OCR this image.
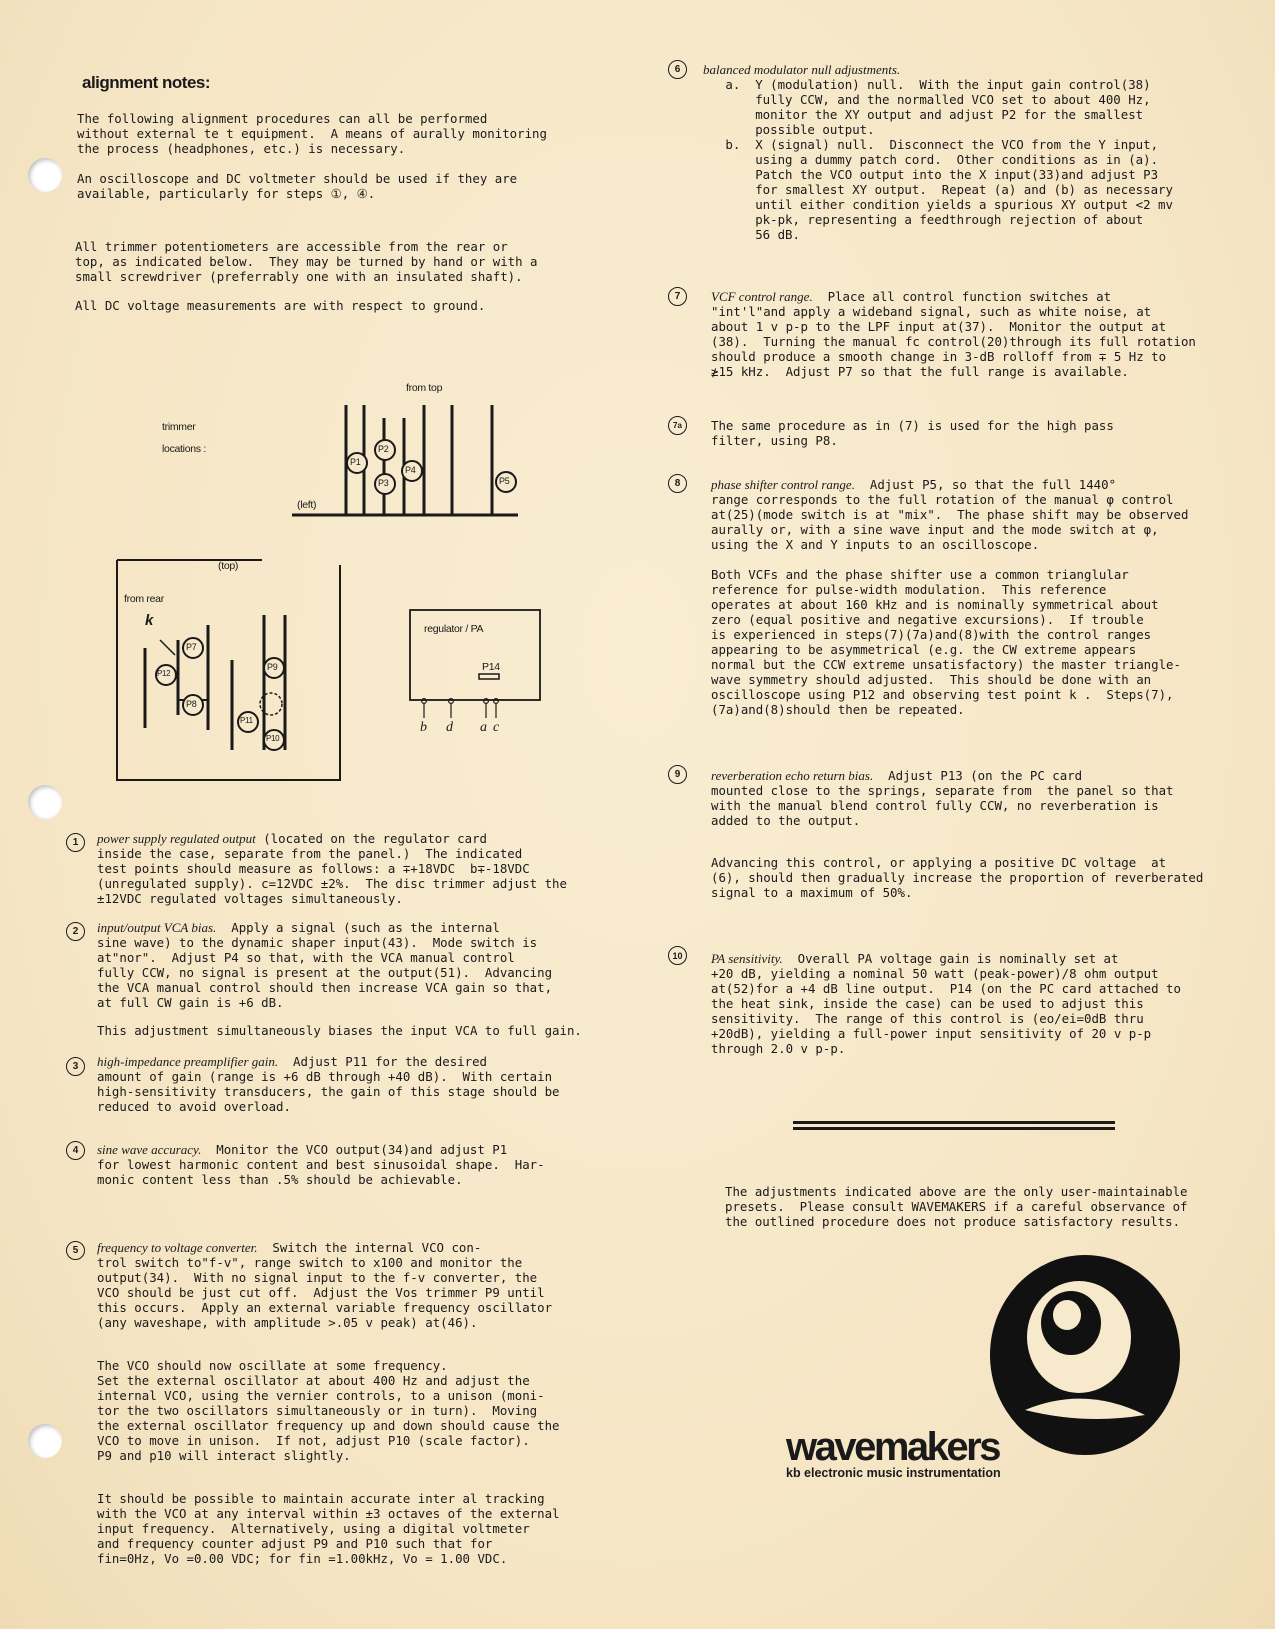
alignment notes:
The following alignment procedures can all be performed
without external te t equipment.  A means of aurally monitoring
the process (headphones, etc.) is necessary.
An oscilloscope and DC voltmeter should be used if they are
available, particularly for steps ①, ④.
All trimmer potentiometers are accessible from the rear or
top, as indicated below.  They may be turned by hand or with a
small screwdriver (preferrably one with an insulated shaft).
All DC voltage measurements are with respect to ground.
from top
trimmer
locations :
(left)
P1
P2
P3
P4
P5
(top)
from rear
k
P7
P12
P8
P9
P11
P10
regulator / PA
P14
b d a c
1	power supply regulated output (located on the regulator card
inside the case, separate from the panel.)  The indicated
test points should measure as follows: a ∓+18VDC  b∓-18VDC
(unregulated supply). c=12VDC ±2%.  The disc trimmer adjust the
±12VDC regulated voltages simultaneously.
2	input/output VCA bias.  Apply a signal (such as the internal
sine wave) to the dynamic shaper input(43).  Mode switch is
at"nor".  Adjust P4 so that, with the VCA manual control
fully CCW, no signal is present at the output(51).  Advancing
the VCA manual control should then increase VCA gain so that,
at full CW gain is +6 dB.
This adjustment simultaneously biases the input VCA to full gain.
3	high-impedance preamplifier gain.  Adjust P11 for the desired
amount of gain (range is +6 dB through +40 dB).  With certain
high-sensitivity transducers, the gain of this stage should be
reduced to avoid overload.
4	sine wave accuracy.  Monitor the VCO output(34)and adjust P1
for lowest harmonic content and best sinusoidal shape.  Har-
monic content less than .5% should be achievable.
5	frequency to voltage converter.  Switch the internal VCO con-
trol switch to"f-v", range switch to x100 and monitor the
output(34).  With no signal input to the f-v converter, the
VCO should be just cut off.  Adjust the Vos trimmer P9 until
this occurs.  Apply an external variable frequency oscillator
(any waveshape, with amplitude >.05 v peak) at(46).
The VCO should now oscillate at some frequency.
Set the external oscillator at about 400 Hz and adjust the
internal VCO, using the vernier controls, to a unison (moni-
tor the two oscillators simultaneously or in turn).  Moving
the external oscillator frequency up and down should cause the
VCO to move in unison.  If not, adjust P10 (scale factor).
P9 and p10 will interact slightly.
It should be possible to maintain accurate inter al tracking
with the VCO at any interval within ±3 octaves of the external
input frequency.  Alternatively, using a digital voltmeter
and frequency counter adjust P9 and P10 such that for
fin=0Hz, Vo =0.00 VDC; for fin =1.00kHz, Vo = 1.00 VDC.
6	balanced modulator null adjustments.
a.  Y (modulation) null.  With the input gain control(38)
fully CCW, and the normalled VCO set to about 400 Hz,
monitor the XY output and adjust P2 for the smallest
possible output.
b.  X (signal) null.  Disconnect the VCO from the Y input,
using a dummy patch cord.  Other conditions as in (a).
Patch the VCO output into the X input(33)and adjust P3
for smallest XY output.  Repeat (a) and (b) as necessary
until either condition yields a spurious XY output <2 mv
pk-pk, representing a feedthrough rejection of about
56 dB.
7	VCF control range.  Place all control function switches at
"int'l"and apply a wideband signal, such as white noise, at
about 1 v p-p to the LPF input at(37).  Monitor the output at
(38).  Turning the manual fc control(20)through its full rotation
should produce a smooth change in 3-dB rolloff from ∓ 5 Hz to
≱15 kHz.  Adjust P7 so that the full range is available.
7a	The same procedure as in (7) is used for the high pass
filter, using P8.
8	phase shifter control range.  Adjust P5, so that the full 1440°
range corresponds to the full rotation of the manual φ control
at(25)(mode switch is at "mix".  The phase shift may be observed
aurally or, with a sine wave input and the mode switch at φ,
using the X and Y inputs to an oscilloscope.
Both VCFs and the phase shifter use a common trianglular
reference for pulse-width modulation.  This reference
operates at about 160 kHz and is nominally symmetrical about
zero (equal positive and negative excursions).  If trouble
is experienced in steps(7)(7a)and(8)with the control ranges
appearing to be asymmetrical (e.g. the CW extreme appears
normal but the CCW extreme unsatisfactory) the master triangle-
wave symmetry should adjusted.  This should be done with an
oscilloscope using P12 and observing test point k .  Steps(7),
(7a)and(8)should then be repeated.
9	reverberation echo return bias.  Adjust P13 (on the PC card
mounted close to the springs, separate from  the panel so that
with the manual blend control fully CCW, no reverberation is
added to the output.
Advancing this control, or applying a positive DC voltage  at
(6), should then gradually increase the proportion of reverberated
signal to a maximum of 50%.
10	PA sensitivity.  Overall PA voltage gain is nominally set at
+20 dB, yielding a nominal 50 watt (peak-power)/8 ohm output
at(52)for a +4 dB line output.  P14 (on the PC card attached to
the heat sink, inside the case) can be used to adjust this
sensitivity.  The range of this control is (eo/ei=0dB thru
+20dB), yielding a full-power input sensitivity of 20 v p-p
through 2.0 v p-p.
The adjustments indicated above are the only user-maintainable
presets.  Please consult WAVEMAKERS if a careful observance of
the outlined procedure does not produce satisfactory results.
wavemakers
kb electronic music instrumentation
